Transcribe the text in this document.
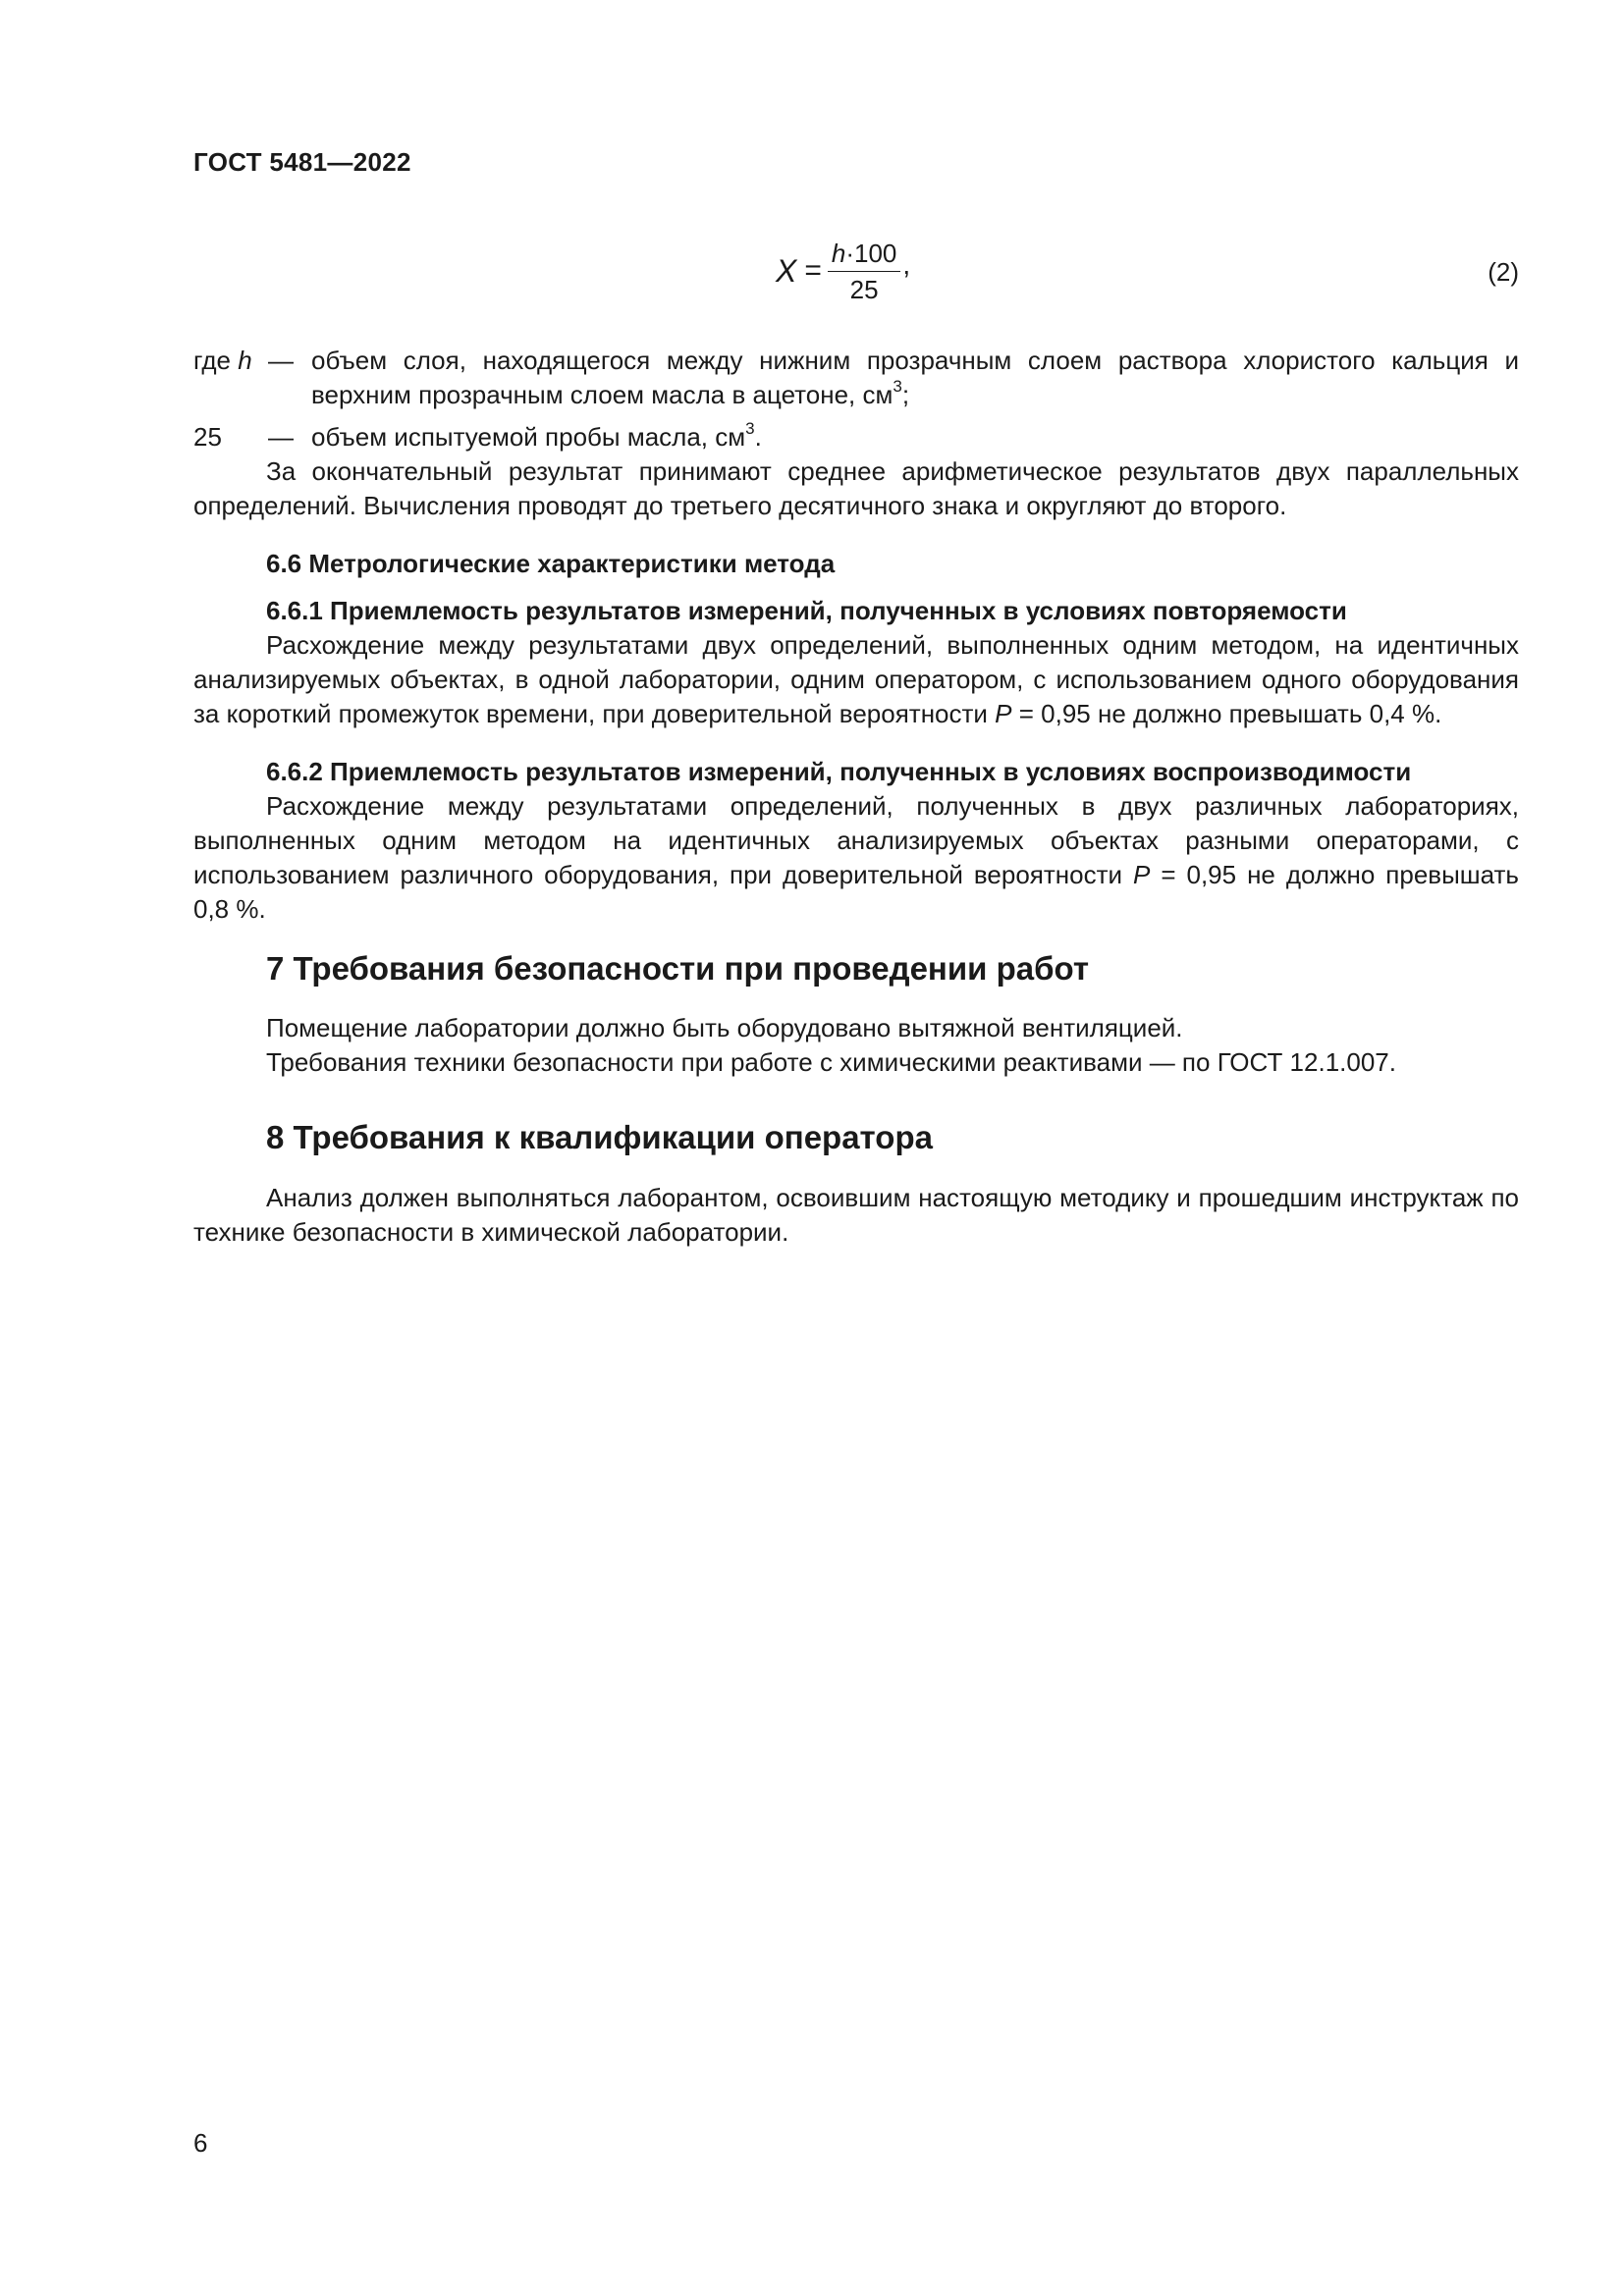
ГОСТ 5481—2022
$X = \frac{h\cdot 100}{25}$ ,	(2)
где h — объем слоя, находящегося между нижним прозрачным слоем раствора хлористого кальция и верхним прозрачным слоем масла в ацетоне, $см^3$;
25	— объем испытуемой пробы масла, $см^3$.
За окончательный результат принимают среднее арифметическое результатов двух параллельных определений. Вычисления проводят до третьего десятичного знака и округляют до второго.
6.6 Метрологические характеристики метода
6.6.1 Приемлемость результатов измерений, полученных в условиях повторяемости
Расхождение между результатами двух определений, выполненных одним методом, на идентичных анализируемых объектах, в одной лаборатории, одним оператором, с использованием одного оборудования за короткий промежуток времени, при доверительной вероятности P = 0,95 не должно превышать 0,4 %.
6.6.2 Приемлемость результатов измерений, полученных в условиях воспроизводимости
Расхождение между результатами определений, полученных в двух различных лабораториях, выполненных одним методом на идентичных анализируемых объектах разными операторами, с использованием различного оборудования, при доверительной вероятности P = 0,95 не должно превышать 0,8 %.
7 Требования безопасности при проведении работ
Помещение лаборатории должно быть оборудовано вытяжной вентиляцией.
Требования техники безопасности при работе с химическими реактивами — по ГОСТ 12.1.007.
8 Требования к квалификации оператора
Анализ должен выполняться лаборантом, освоившим настоящую методику и прошедшим инструктаж по технике безопасности в химической лаборатории.
6
